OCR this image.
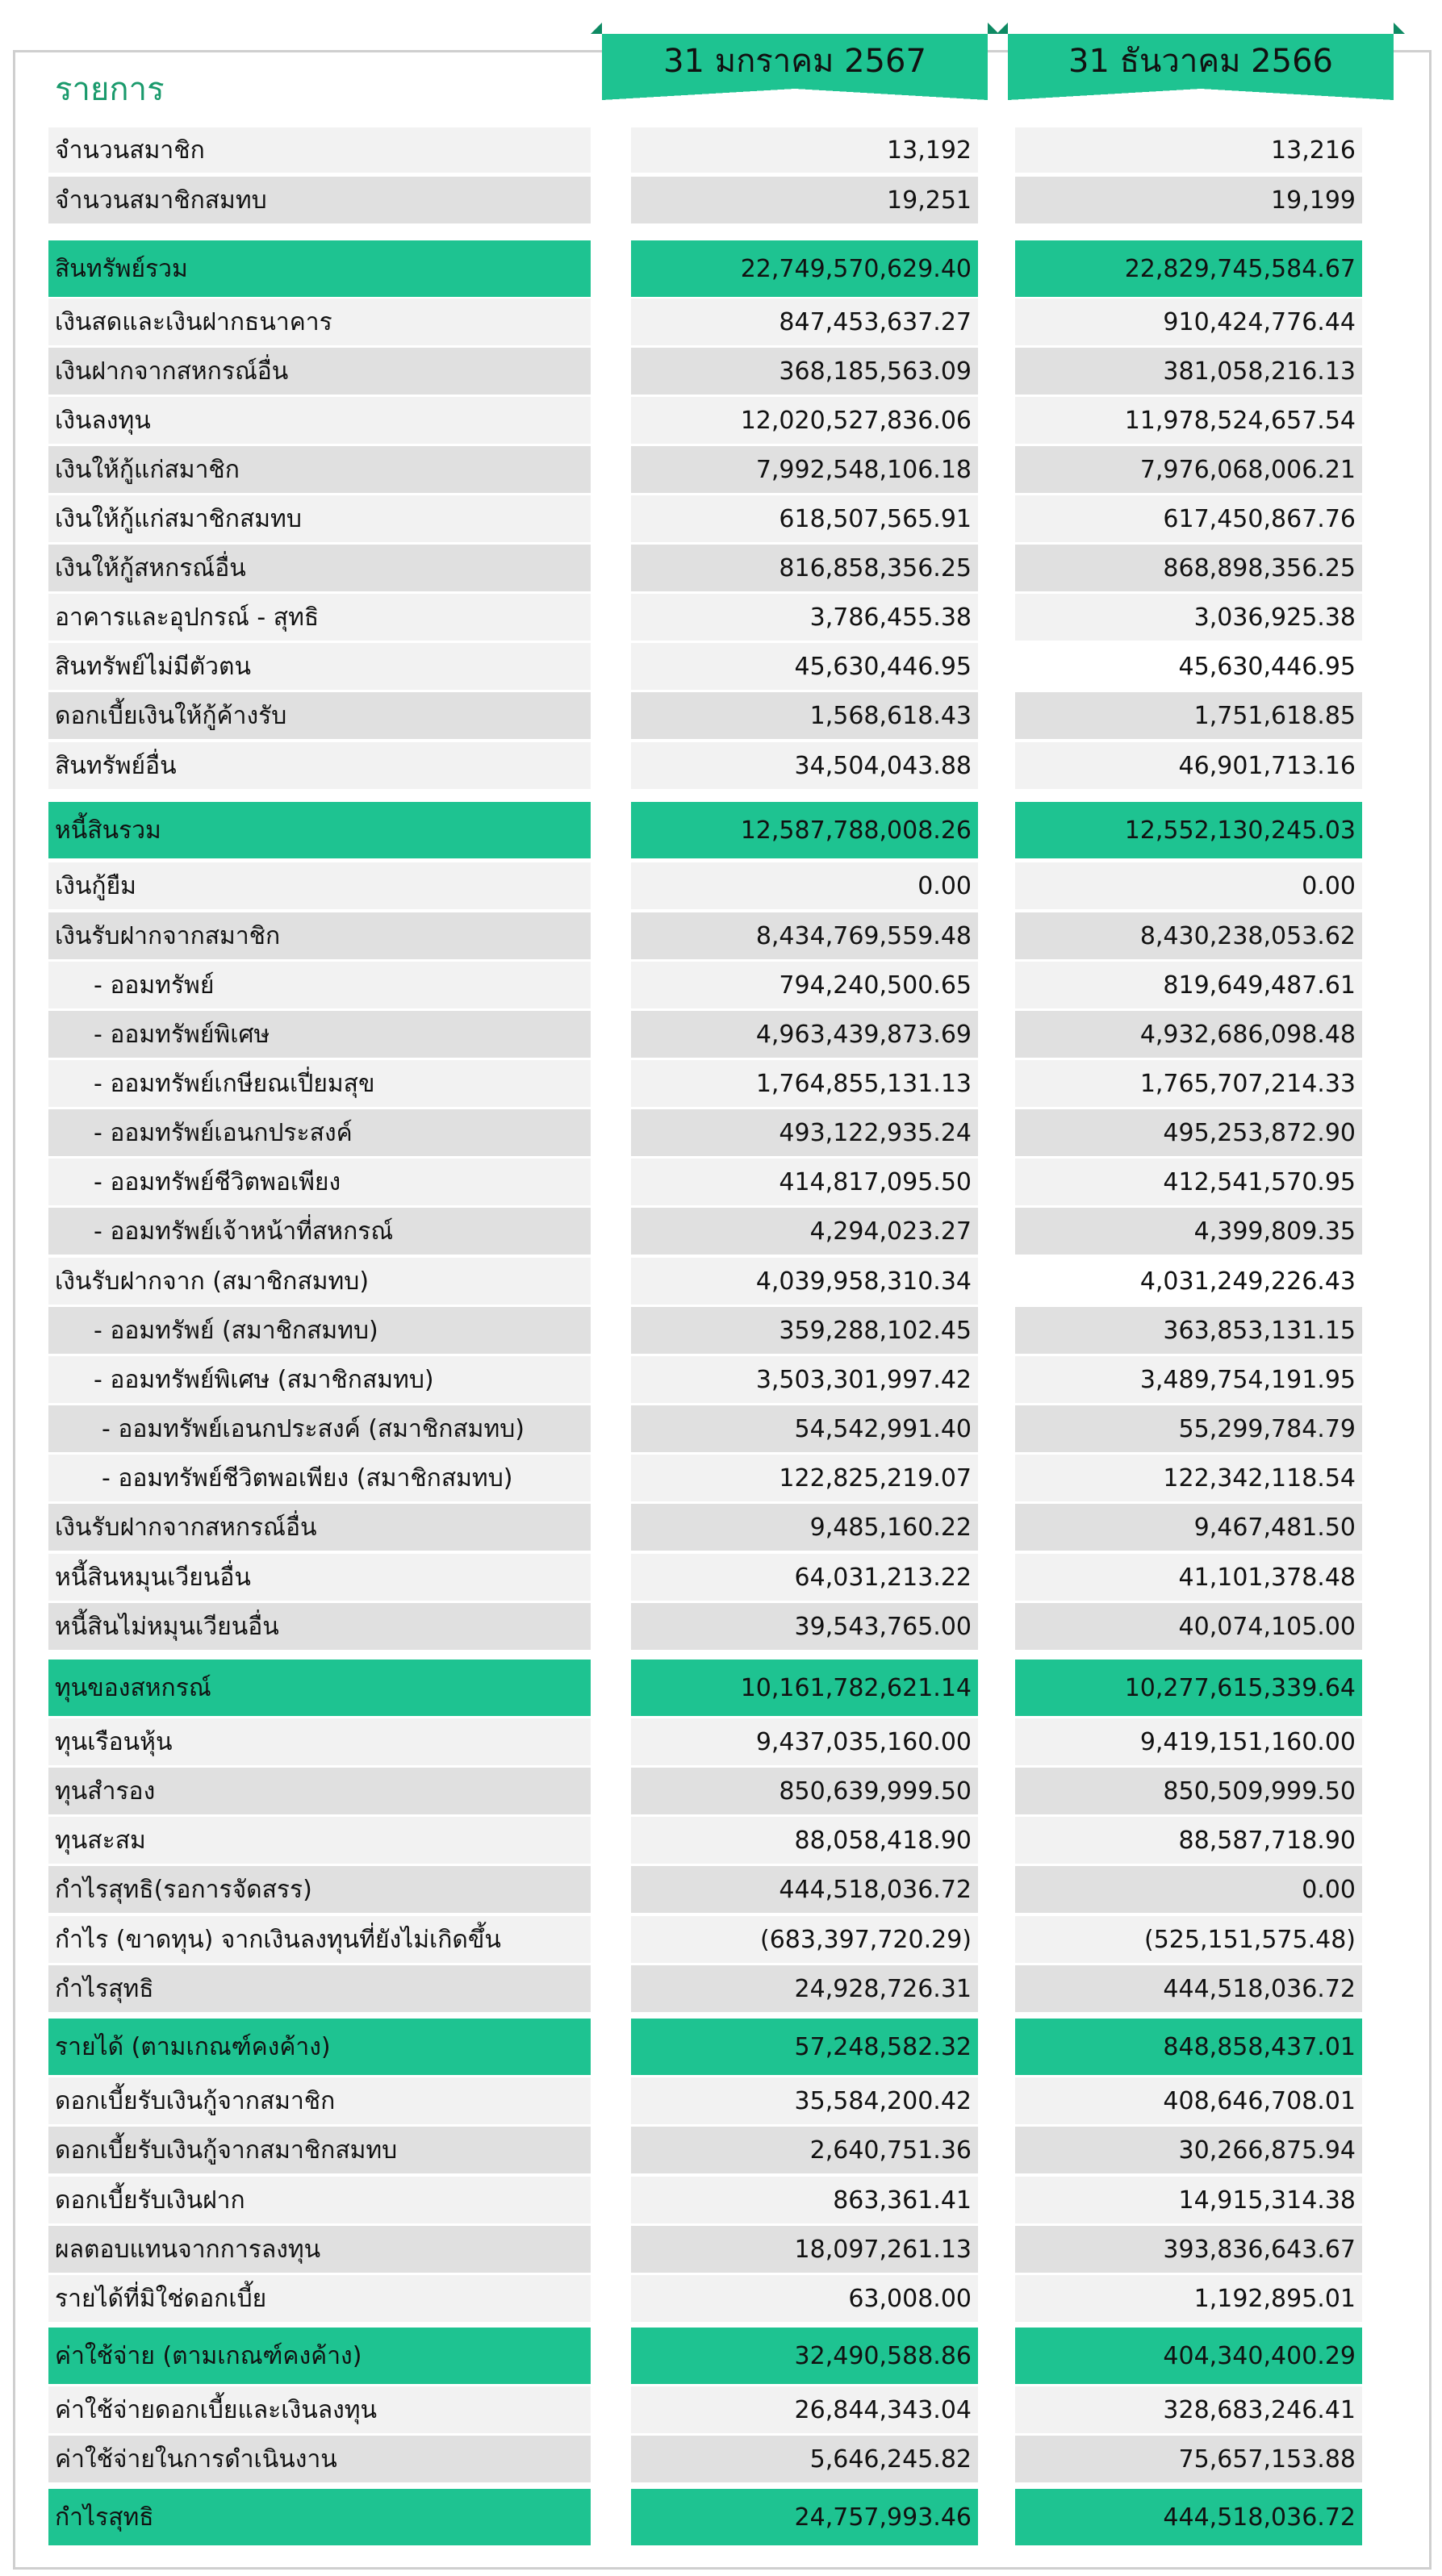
รายการ
31 มกราคม 2567	31 ธันวาคม 2566
จำนวนสมาชิก	13,192	13,216
จำนวนสมาชิกสมทบ	19,251	19,199
สินทรัพย์รวม	22,749,570,629.40	22,829,745,584.67
เงินสดและเงินฝากธนาคาร	847,453,637.27	910,424,776.44
เงินฝากจากสหกรณ์อื่น	368,185,563.09	381,058,216.13
เงินลงทุน	12,020,527,836.06	11,978,524,657.54
เงินให้กู้แก่สมาชิก	7,992,548,106.18	7,976,068,006.21
เงินให้กู้แก่สมาชิกสมทบ	618,507,565.91	617,450,867.76
เงินให้กู้สหกรณ์อื่น	816,858,356.25	868,898,356.25
อาคารและอุปกรณ์ - สุทธิ	3,786,455.38	3,036,925.38
สินทรัพย์ไม่มีตัวตน	45,630,446.95	45,630,446.95
ดอกเบี้ยเงินให้กู้ค้างรับ	1,568,618.43	1,751,618.85
สินทรัพย์อื่น	34,504,043.88	46,901,713.16
หนี้สินรวม	12,587,788,008.26	12,552,130,245.03
เงินกู้ยืม	0.00	0.00
เงินรับฝากจากสมาชิก	8,434,769,559.48	8,430,238,053.62
- ออมทรัพย์	794,240,500.65	819,649,487.61
- ออมทรัพย์พิเศษ	4,963,439,873.69	4,932,686,098.48
- ออมทรัพย์เกษียณเปี่ยมสุข	1,764,855,131.13	1,765,707,214.33
- ออมทรัพย์เอนกประสงค์	493,122,935.24	495,253,872.90
- ออมทรัพย์ชีวิตพอเพียง	414,817,095.50	412,541,570.95
- ออมทรัพย์เจ้าหน้าที่สหกรณ์	4,294,023.27	4,399,809.35
เงินรับฝากจาก (สมาชิกสมทบ)	4,039,958,310.34	4,031,249,226.43
- ออมทรัพย์ (สมาชิกสมทบ)	359,288,102.45	363,853,131.15
- ออมทรัพย์พิเศษ (สมาชิกสมทบ)	3,503,301,997.42	3,489,754,191.95
- ออมทรัพย์เอนกประสงค์ (สมาชิกสมทบ)	54,542,991.40	55,299,784.79
- ออมทรัพย์ชีวิตพอเพียง (สมาชิกสมทบ)	122,825,219.07	122,342,118.54
เงินรับฝากจากสหกรณ์อื่น	9,485,160.22	9,467,481.50
หนี้สินหมุนเวียนอื่น	64,031,213.22	41,101,378.48
หนี้สินไม่หมุนเวียนอื่น	39,543,765.00	40,074,105.00
ทุนของสหกรณ์	10,161,782,621.14	10,277,615,339.64
ทุนเรือนหุ้น	9,437,035,160.00	9,419,151,160.00
ทุนสำรอง	850,639,999.50	850,509,999.50
ทุนสะสม	88,058,418.90	88,587,718.90
กำไรสุทธิ(รอการจัดสรร)	444,518,036.72	0.00
กำไร (ขาดทุน) จากเงินลงทุนที่ยังไม่เกิดขึ้น	(683,397,720.29)	(525,151,575.48)
กำไรสุทธิ	24,928,726.31	444,518,036.72
รายได้ (ตามเกณฑ์คงค้าง)	57,248,582.32	848,858,437.01
ดอกเบี้ยรับเงินกู้จากสมาชิก	35,584,200.42	408,646,708.01
ดอกเบี้ยรับเงินกู้จากสมาชิกสมทบ	2,640,751.36	30,266,875.94
ดอกเบี้ยรับเงินฝาก	863,361.41	14,915,314.38
ผลตอบแทนจากการลงทุน	18,097,261.13	393,836,643.67
รายได้ที่มิใช่ดอกเบี้ย	63,008.00	1,192,895.01
ค่าใช้จ่าย (ตามเกณฑ์คงค้าง)	32,490,588.86	404,340,400.29
ค่าใช้จ่ายดอกเบี้ยและเงินลงทุน	26,844,343.04	328,683,246.41
ค่าใช้จ่ายในการดำเนินงาน	5,646,245.82	75,657,153.88
กำไรสุทธิ	24,757,993.46	444,518,036.72
